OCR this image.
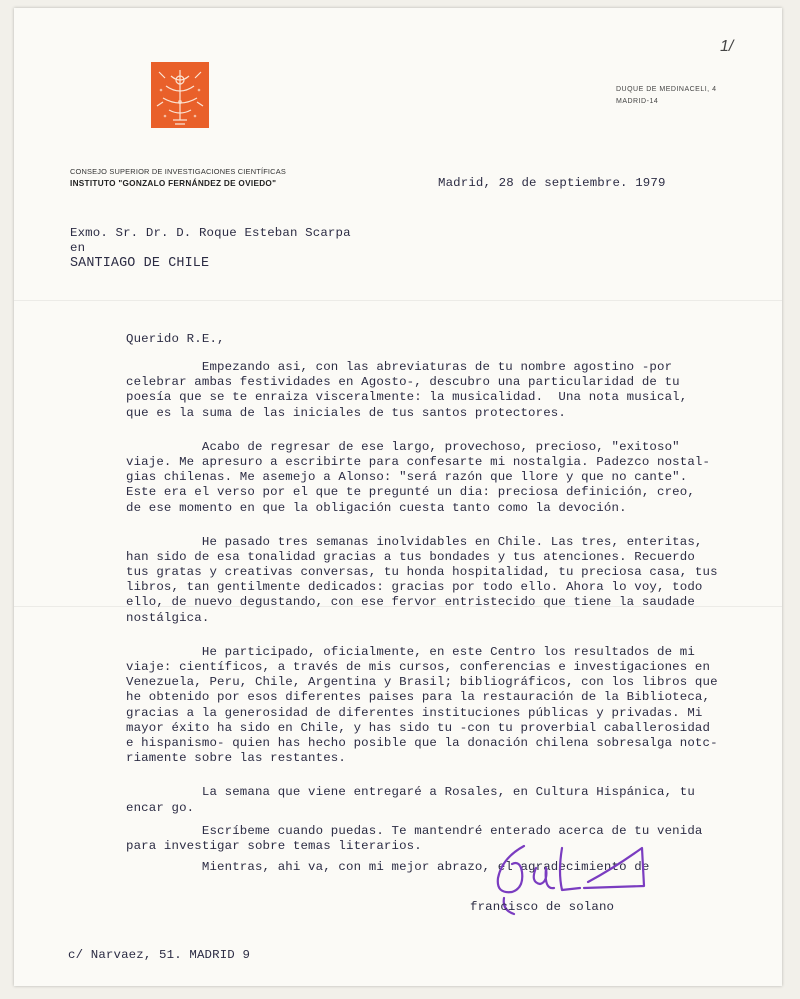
1/
CONSEJO SUPERIOR DE INVESTIGACIONES CIENTÍFICAS
INSTITUTO "GONZALO FERNÁNDEZ DE OVIEDO"
DUQUE DE MEDINACELI, 4
MADRID-14
Madrid, 28 de septiembre. 1979
Exmo. Sr. Dr. D. Roque Esteban Scarpa
en
SANTIAGO DE CHILE
Querido R.E.,
Empezando asi, con las abreviaturas de tu nombre agostino -por
celebrar ambas festividades en Agosto-, descubro una particularidad de tu
poesía que se te enraiza visceralmente: la musicalidad.  Una nota musical,
que es la suma de las iniciales de tus santos protectores.
Acabo de regresar de ese largo, provechoso, precioso, "exitoso"
viaje. Me apresuro a escribirte para confesarte mi nostalgia. Padezco nostal-
gias chilenas. Me asemejo a Alonso: "será razón que llore y que no cante".
Este era el verso por el que te pregunté un dia: preciosa definición, creo,
de ese momento en que la obligación cuesta tanto como la devoción.
He pasado tres semanas inolvidables en Chile. Las tres, enteritas,
han sido de esa tonalidad gracias a tus bondades y tus atenciones. Recuerdo
tus gratas y creativas conversas, tu honda hospitalidad, tu preciosa casa, tus
libros, tan gentilmente dedicados: gracias por todo ello. Ahora lo voy, todo
ello, de nuevo degustando, con ese fervor entristecido que tiene la saudade
nostálgica.
He participado, oficialmente, en este Centro los resultados de mi
viaje: científicos, a través de mis cursos, conferencias e investigaciones en
Venezuela, Peru, Chile, Argentina y Brasil; bibliográficos, con los libros que
he obtenido por esos diferentes paises para la restauración de la Biblioteca,
gracias a la generosidad de diferentes instituciones públicas y privadas. Mi
mayor éxito ha sido en Chile, y has sido tu -con tu proverbial caballerosidad
e hispanismo- quien has hecho posible que la donación chilena sobresalga notc-
riamente sobre las restantes.
La semana que viene entregaré a Rosales, en Cultura Hispánica, tu
encar go.
Escríbeme cuando puedas. Te mantendré enterado acerca de tu venida
para investigar sobre temas literarios.
Mientras, ahi va, con mi mejor abrazo, el agradecimiento de
francisco de solano
c/ Narvaez, 51. MADRID 9
